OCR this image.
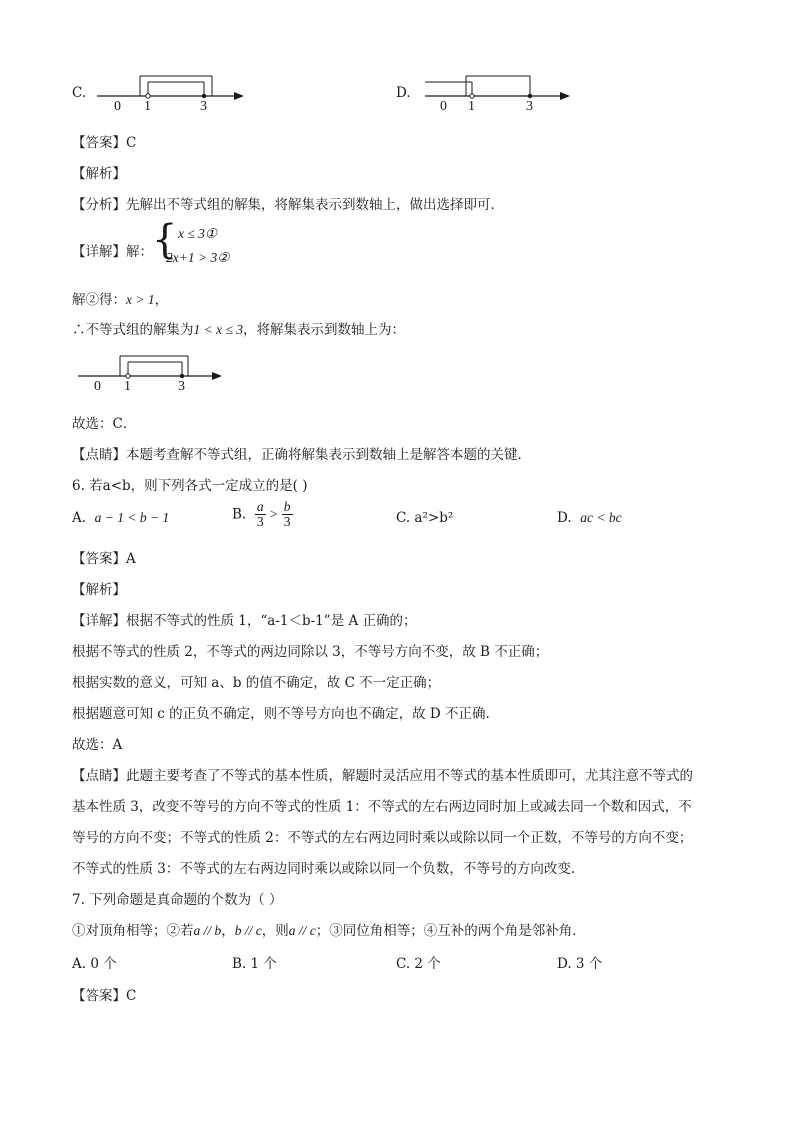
C.
0 1	3
D.
0 1	3
【答案】C
【解析】
【分析】先解出不等式组的解集，将解集表示到数轴上，做出选择即可．
【详解】解： { x ≤ 3①
2x+1 > 3②
解②得：x > 1，
∴不等式组的解集为1 < x ≤ 3，将解集表示到数轴上为：
0 1	3
故选：C．
【点睛】本题考查解不等式组，正确将解集表示到数轴上是解答本题的关键．
6. 若a<b，则下列各式一定成立的是( )
A. a − 1 < b − 1	B. $\frac{a}{3} > \frac{b}{3}$	C. a²>b²	D. ac < bc
【答案】A
【解析】
【详解】根据不等式的性质 1，“a-1＜b-1”是 A 正确的；
根据不等式的性质 2，不等式的两边同除以 3，不等号方向不变，故 B 不正确；
根据实数的意义，可知 a、b 的值不确定，故 C 不一定正确；
根据题意可知 c 的正负不确定，则不等号方向也不确定，故 D 不正确.
故选：A
【点睛】此题主要考查了不等式的基本性质，解题时灵活应用不等式的基本性质即可，尤其注意不等式的
基本性质 3，改变不等号的方向不等式的性质 1：不等式的左右两边同时加上或减去同一个数和因式，不
等号的方向不变；不等式的性质 2：不等式的左右两边同时乘以或除以同一个正数，不等号的方向不变；
不等式的性质 3：不等式的左右两边同时乘以或除以同一个负数，不等号的方向改变.
7. 下列命题是真命题的个数为（ ）
①对顶角相等；②若a // b，b // c，则a // c；③同位角相等；④互补的两个角是邻补角．
A. 0 个	B. 1 个	C. 2 个	D. 3 个
【答案】C
